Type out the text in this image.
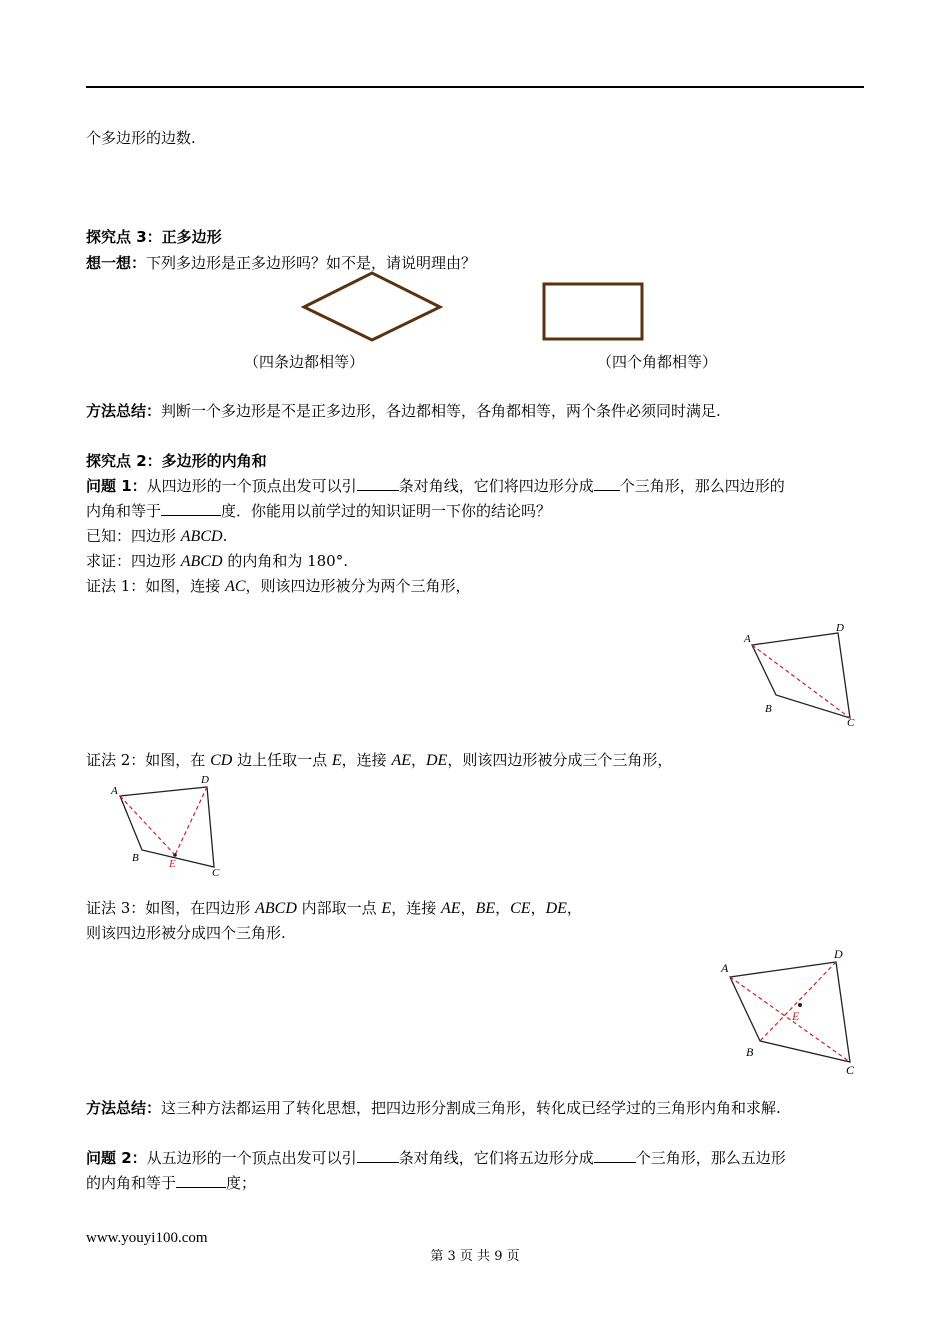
个多边形的边数.
探究点 3：正多边形
想一想：下列多边形是正多边形吗？如不是，请说明理由？
（四条边都相等）	（四个角都相等）
方法总结：判断一个多边形是不是正多边形，各边都相等，各角都相等，两个条件必须同时满足.
探究点 2：多边形的内角和
问题 1：从四边形的一个顶点出发可以引	条对角线，它们将四边形分成 个三角形，那么四边形的
内角和等于	度．你能用以前学过的知识证明一下你的结论吗？
已知：四边形 ABCD.
求证：四边形 ABCD 的内角和为 180°.
证法 1：如图，连接 AC，则该四边形被分为两个三角形，
A
D
C
B
证法 2：如图，在 CD 边上任取一点 E，连接 AE，DE，则该四边形被分成三个三角形，
A
D
C
B	E
证法 3：如图，在四边形 ABCD 内部取一点 E，连接 AE，BE，CE，DE，
则该四边形被分成四个三角形.
A
D
C
B
E
方法总结：这三种方法都运用了转化思想，把四边形分割成三角形，转化成已经学过的三角形内角和求解.
问题 2：从五边形的一个顶点出发可以引	条对角线，它们将五边形分成	个三角形，那么五边形
的内角和等于	度；
www.youyi100.com
第 3 页 共 9 页
